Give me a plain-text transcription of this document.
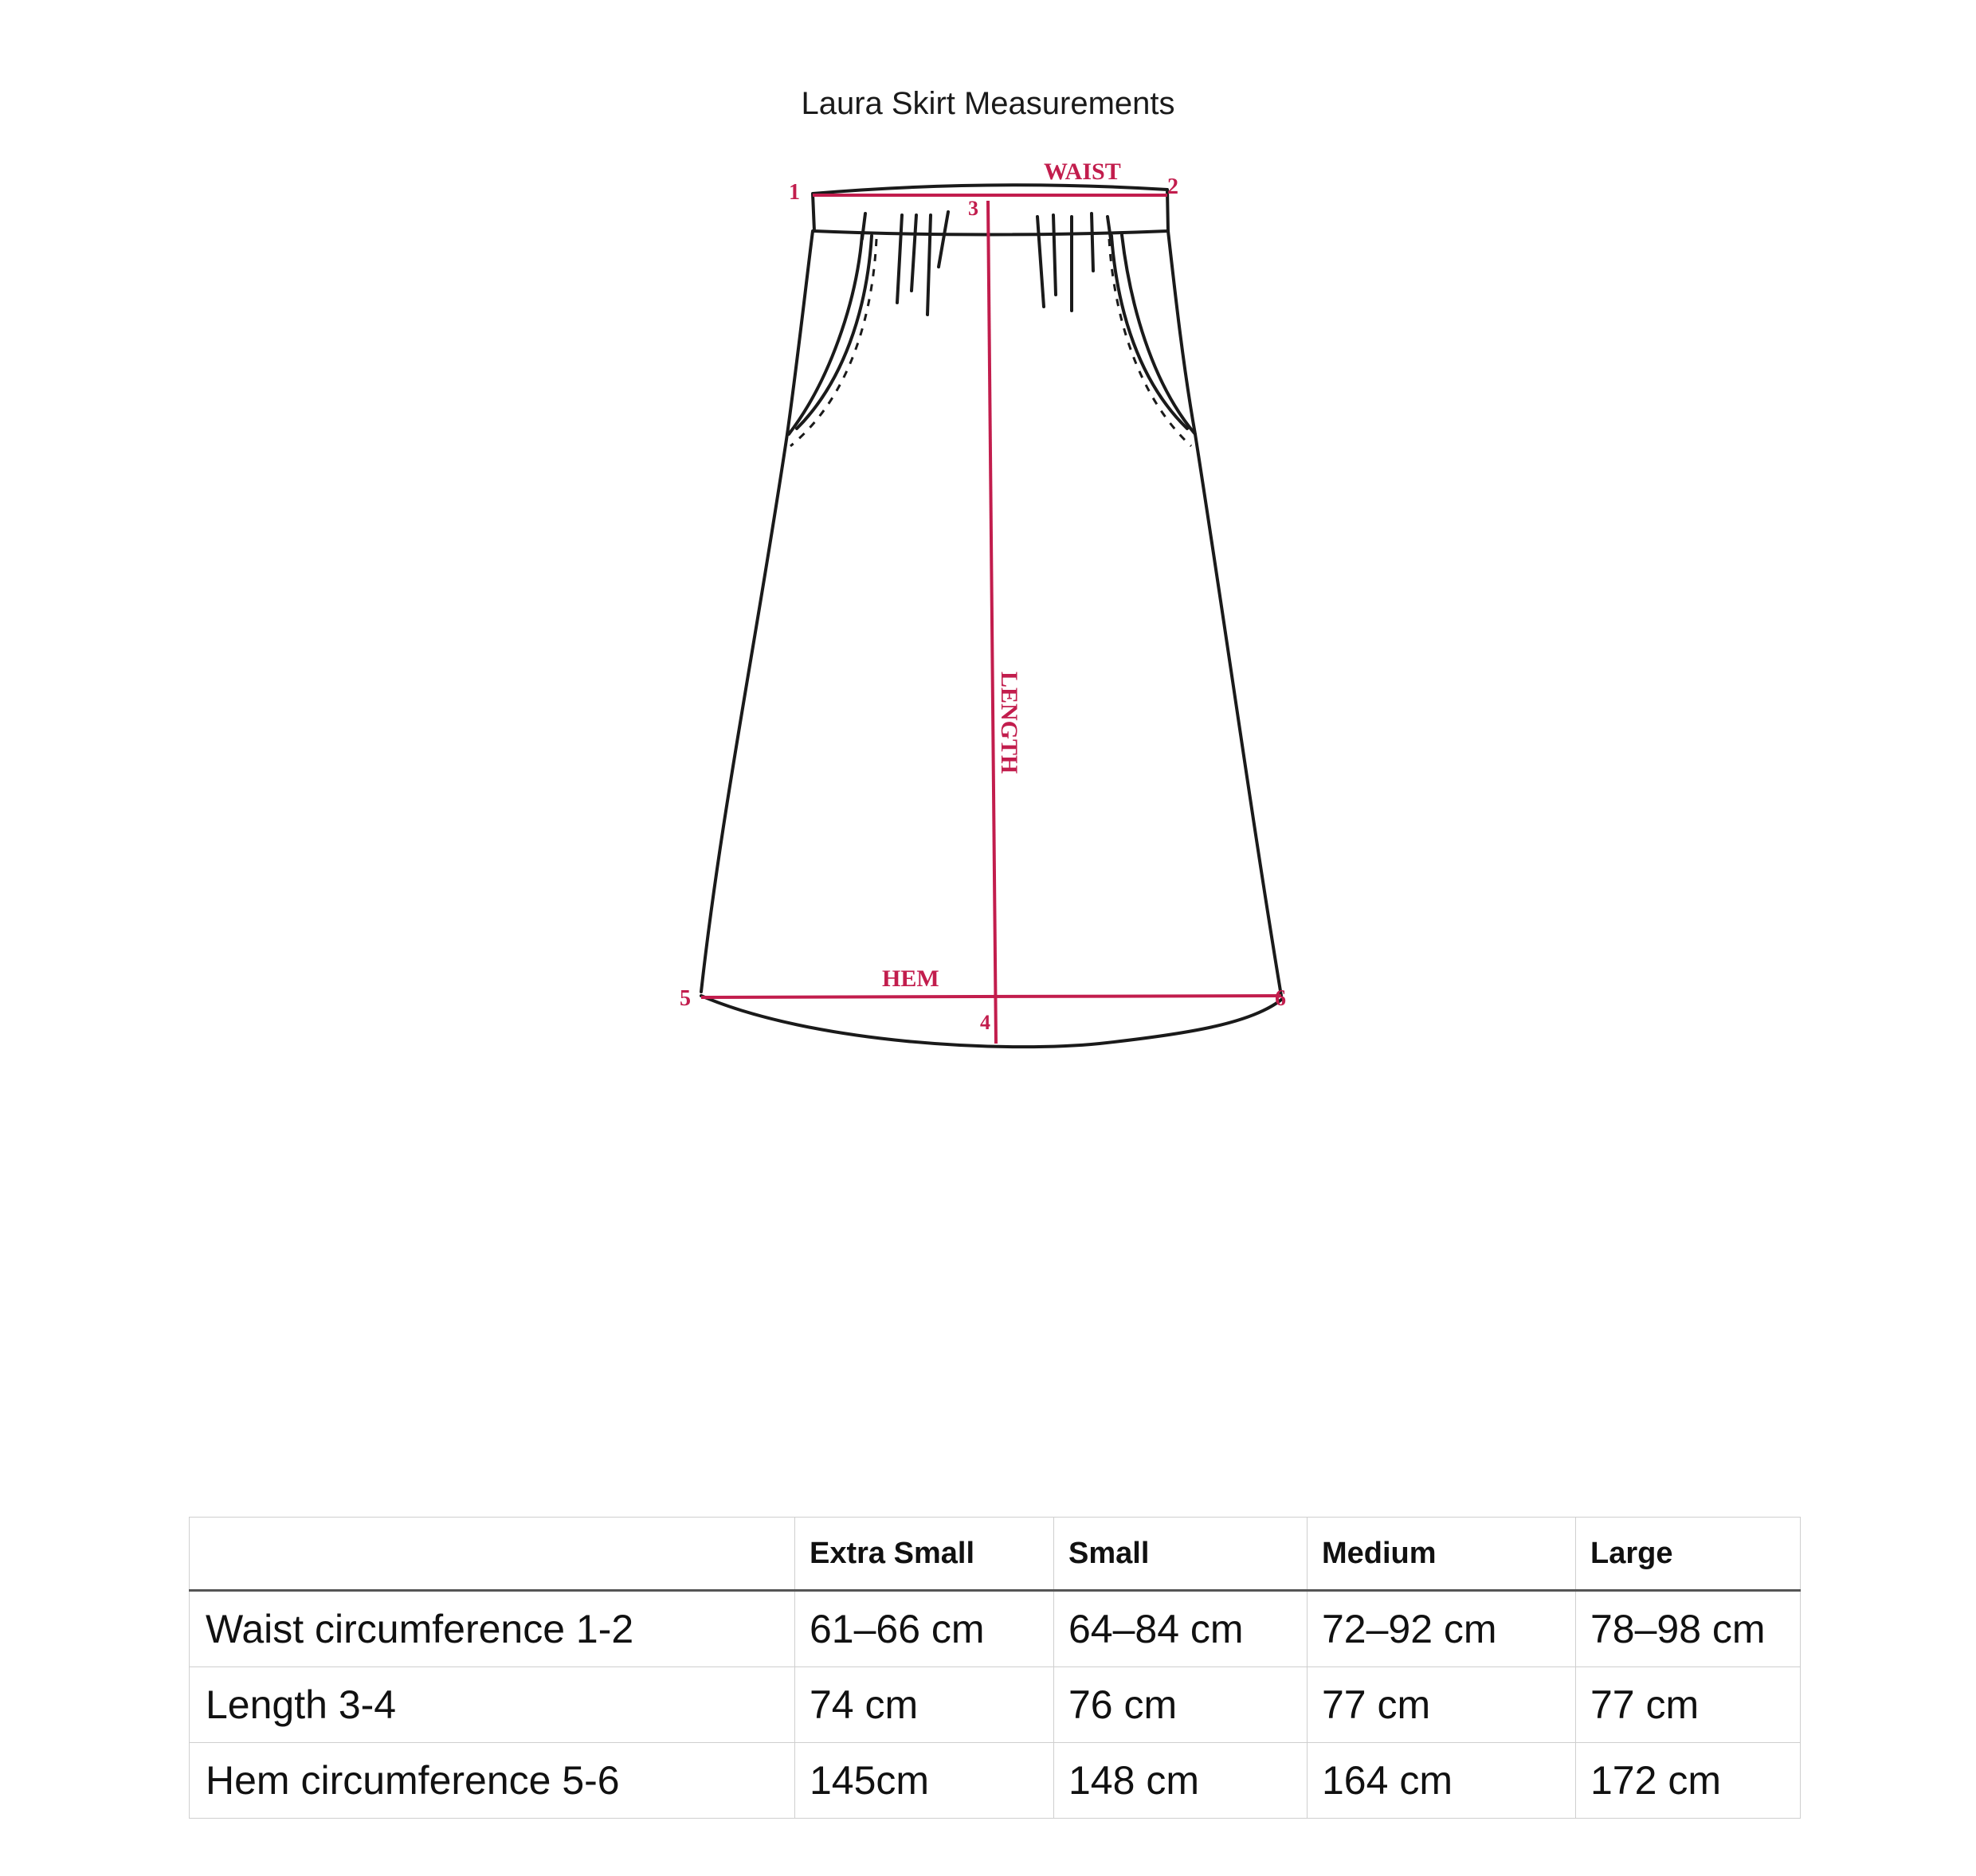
Laura Skirt Measurements
WAIST
1	2
3
LENGTH
HEM
4
5	6
	Extra Small	Small	Medium	Large
Waist circumference 1-2	61–66 cm	64–84 cm	72–92 cm	78–98 cm
Length 3-4	74 cm	76 cm	77 cm	77 cm
Hem circumference 5-6	145cm	148 cm	164 cm	172 cm
